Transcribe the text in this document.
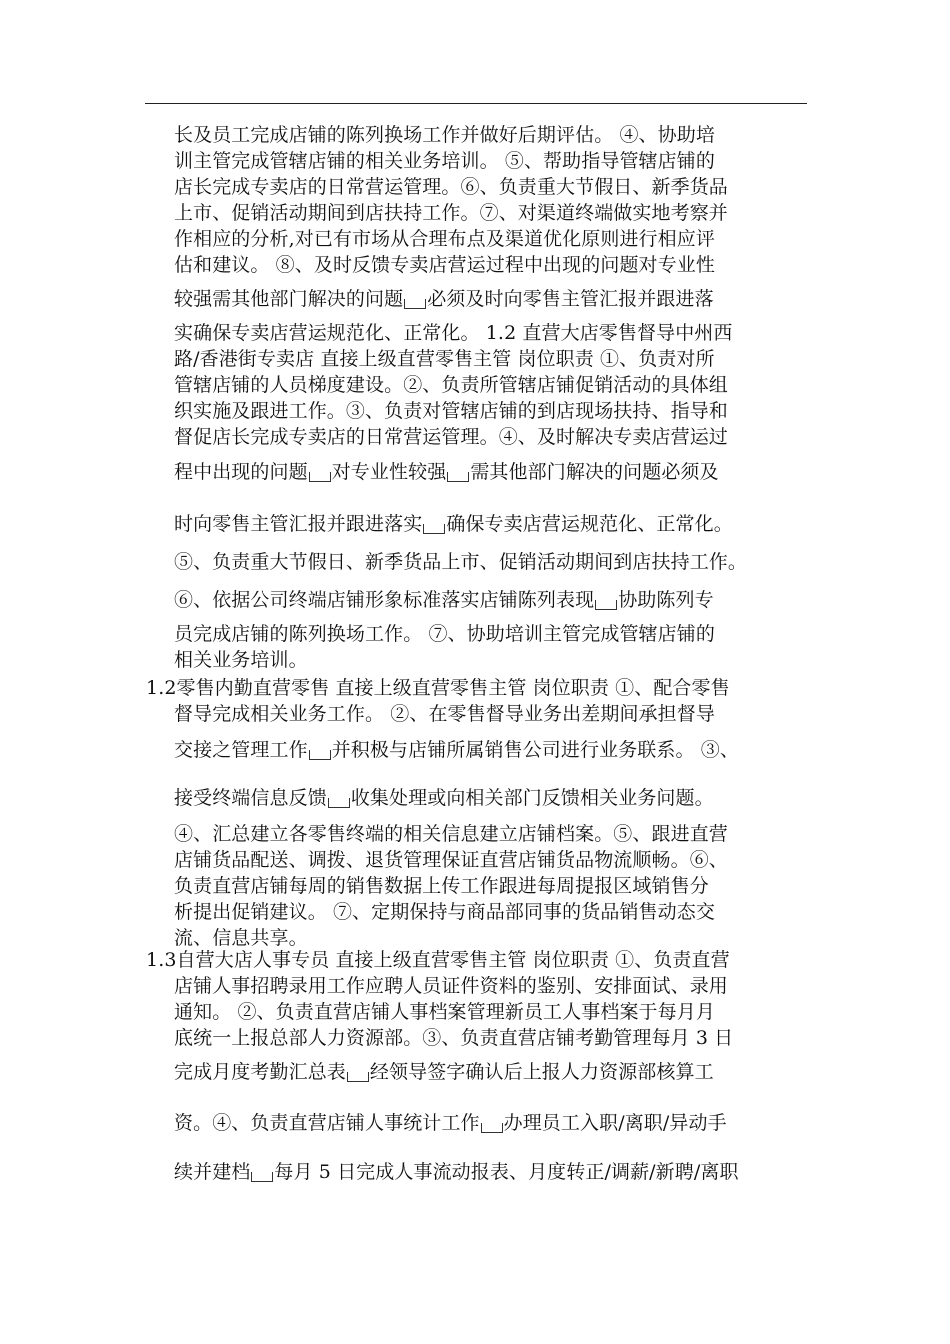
长及员工完成店铺的陈列换场工作并做好后期评估。 ④、协助培
训主管完成管辖店铺的相关业务培训。 ⑤、帮助指导管辖店铺的
店长完成专卖店的日常营运管理。⑥、负责重大节假日、新季货品
上市、促销活动期间到店扶持工作。⑦、对渠道终端做实地考察并
作相应的分析,对已有市场从合理布点及渠道优化原则进行相应评
估和建议。 ⑧、及时反馈专卖店营运过程中出现的问题对专业性
较强需其他部门解决的问题 必须及时向零售主管汇报并跟进落
实确保专卖店营运规范化、正常化。 1.2 直营大店零售督导中州西
路/香港街专卖店 直接上级直营零售主管 岗位职责 ①、负责对所
管辖店铺的人员梯度建设。②、负责所管辖店铺促销活动的具体组
织实施及跟进工作。③、负责对管辖店铺的到店现场扶持、指导和
督促店长完成专卖店的日常营运管理。④、及时解决专卖店营运过
程中出现的问题 对专业性较强 需其他部门解决的问题必须及
时向零售主管汇报并跟进落实 确保专卖店营运规范化、正常化。
⑤、负责重大节假日、新季货品上市、促销活动期间到店扶持工作。
⑥、依据公司终端店铺形象标准落实店铺陈列表现 协助陈列专
员完成店铺的陈列换场工作。 ⑦、协助培训主管完成管辖店铺的
相关业务培训。
1.2零售内勤直营零售 直接上级直营零售主管 岗位职责 ①、配合零售
督导完成相关业务工作。 ②、在零售督导业务出差期间承担督导
交接之管理工作 并积极与店铺所属销售公司进行业务联系。 ③、
接受终端信息反馈 收集处理或向相关部门反馈相关业务问题。
④、汇总建立各零售终端的相关信息建立店铺档案。⑤、跟进直营
店铺货品配送、调拨、退货管理保证直营店铺货品物流顺畅。⑥、
负责直营店铺每周的销售数据上传工作跟进每周提报区域销售分
析提出促销建议。 ⑦、定期保持与商品部同事的货品销售动态交
流、信息共享。
1.3自营大店人事专员 直接上级直营零售主管 岗位职责 ①、负责直营
店铺人事招聘录用工作应聘人员证件资料的鉴别、安排面试、录用
通知。 ②、负责直营店铺人事档案管理新员工人事档案于每月月
底统一上报总部人力资源部。③、负责直营店铺考勤管理每月 3 日
完成月度考勤汇总表 经领导签字确认后上报人力资源部核算工
资。④、负责直营店铺人事统计工作 办理员工入职/离职/异动手
续并建档 每月 5 日完成人事流动报表、月度转正/调薪/新聘/离职
